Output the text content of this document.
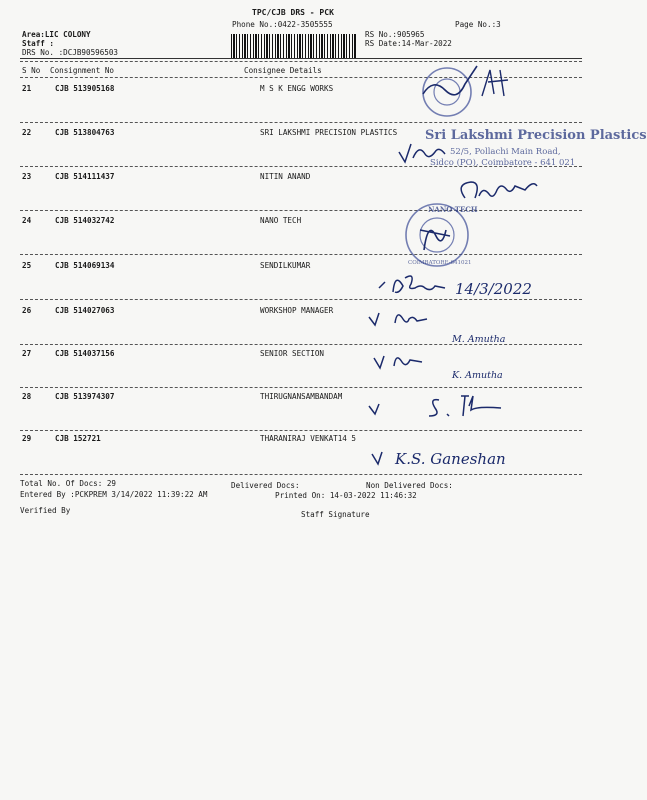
TPC/CJB DRS - PCK
Phone No.:0422-3505555	Page No.:3
Area:LIC COLONY
Staff :
DRS No. :DCJB90596503
RS No.:905965
RS Date:14-Mar-2022
S No Consignment No	Consignee Details
21	CJB 513905168	M S K ENGG WORKS
22	CJB 513804763	SRI LAKSHMI PRECISION PLASTICS
23	CJB 514111437	NITIN ANAND
24	CJB 514032742	NANO TECH
25	CJB 514069134	SENDILKUMAR
26	CJB 514027063	WORKSHOP MANAGER
27	CJB 514037156	SENIOR SECTION
28	CJB 513974307	THIRUGNANSAMBANDAM
29	CJB 152721	THARANIRAJ VENKAT14 5
Total No. Of Docs: 29	Delivered Docs:	Non Delivered Docs:
Entered By :PCKPREM 3/14/2022 11:39:22 AM	Printed On: 14-03-2022 11:46:32
Verified By	Staff Signature
Sri Lakshmi Precision Plastics
52/5, Pollachi Main Road,
Sidco (PO), Coimbatore - 641 021
NANO TECH
COIMBATORE-641021
14/3/2022
M. Amutha
K. Amutha
K.S. Ganeshan
